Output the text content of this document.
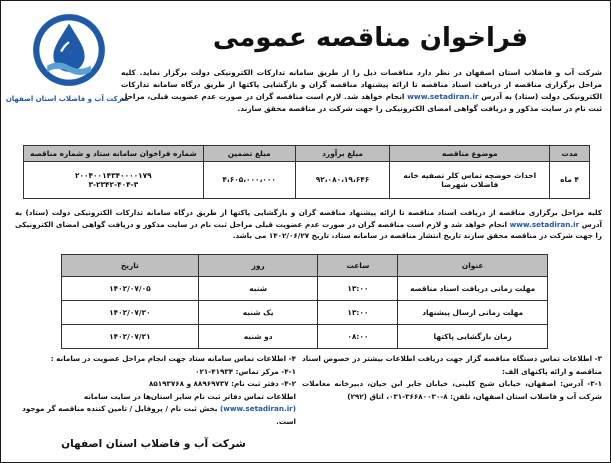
شرکت آب و فاضلاب استان اصفهان
فراخوان مناقصه عمومی
شرکت آب و فاضلاب استان اصفهان در نظر دارد مناقصات ذیل را از طریق سامانه تدارکات الکترونیکی دولت برگزار نماید. کلیه مراحل برگزاری مناقصه از دریافت اسناد مناقصه تا ارائه پیشنهاد مناقصه گران و بازگشایی پاکتها از طریق درگاه سامانه تدارکات الکترونیکی دولت (ستاد) به آدرس www.setadiran.ir انجام خواهد شد. لازم است مناقصه گران در صورت عدم عضویت قبلی، مراحل ثبت نام در سایت مذکور و دریافت گواهی امضای الکترونیکی را جهت شرکت در مناقصه محقق سازند.
مدت	موضوع مناقصه	مبلغ برآورد	مبلغ تضمین	شماره فراخوان سامانه ستاد و شماره مناقصه
۴ ماه	احداث حوضچه تماس کلر تصفیه خانه فاضلاب شهرضا	۹۲،۰۸۰،۱۹،۶۴۶	۴،۶۰۵،۰۰۰،۰۰۰	۲۰۰۴۰۰۱۴۳۴۰۰۰۰۱۷۹
۳-۲۳۴۲-۴۰۴-۳
کلیه مراحل برگزاری مناقصه از دریافت اسناد مناقصه تا ارائه پیشنهاد مناقصه گران و بازگشایی پاکتها از طریق درگاه سامانه تدارکات الکترونیکی دولت (ستاد) به آدرس www.setadiran.ir انجام خواهد شد و لازم است مناقصه گران در صورت عدم عضویت قبلی مراحل ثبت نام در سایت مذکور و دریافت گواهی امضای الکترونیکی را جهت شرکت در مناقصه محقق سازند تاریخ انتشار مناقصه در سامانه ستاد، تاریخ ۱۴۰۲/۰۶/۲۷ می باشد.
عنوان	ساعت	روز	تاریخ
مهلت زمانی دریافت اسناد مناقصه	۱۳:۰۰	شنبه	۱۴۰۲/۰۷/۰۵
مهلت زمانی ارسال پیشنهاد	۱۳:۰۰	یک شنبه	۱۴۰۲/۰۷/۲۰
زمان بازگشایی پاکتها	۰۸:۰۰	دو شنبه	۱۴۰۲/۰۷/۲۱
۳- اطلاعات تماس دستگاه مناقصه گزار جهت دریافت اطلاعات بیشتر در خصوص اسناد مناقصه و ارائه پاکتهای الف:
۳-۱- آدرس: اصفهان، خیابان شیخ کلینی، خیابان جابر ابن حیان، دبیرخانه معاملات شرکت آب و فاضلاب استان اصفهان، تلفن: ۸-۳۶۶۸۰۰۳۰-۰۳۱، اتاق (۲۹۲)
۴- اطلاعات تماس سامانه ستاد جهت انجام مراحل عضویت در سامانه :
۴-۱- مرکز تماس: ۴۱۹۳۴-۰۲۱
۴-۲- دفتر ثبت نام: ۸۸۹۶۹۷۳۷ و ۸۵۱۹۳۷۶۸
اطلاعات تماس دفاتر ثبت نام سایر استان‌ها در سایت سامانه (www.setadiran.ir) بخش ثبت نام / پروفایل / تامین کننده مناقصه گر موجود است.
شرکت آب و فاضلاب استان اصفهان
